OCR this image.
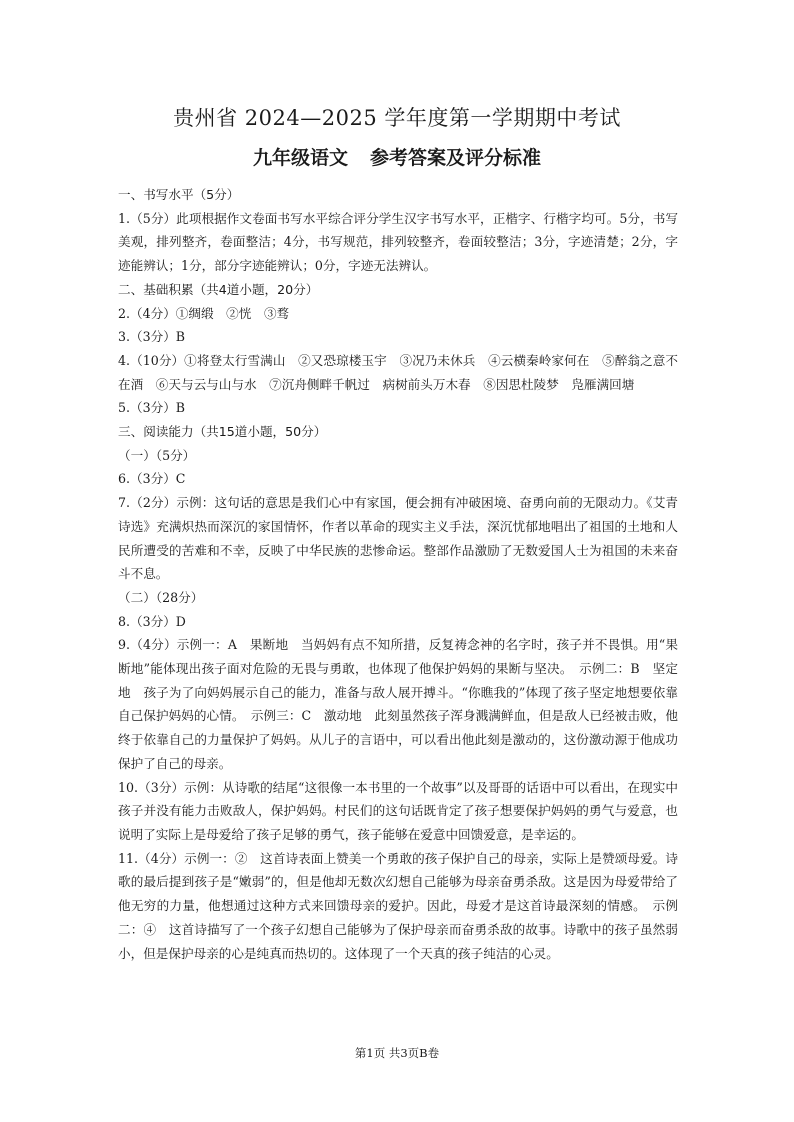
贵州省 2024—2025 学年度第一学期期中考试
九年级语文 参考答案及评分标准

一、书写水平（5分）

1.（5分）此项根据作文卷面书写水平综合评分学生汉字书写水平，正楷字、行楷字均可。5分，书写美观，排列整齐，卷面整洁；4分，书写规范，排列较整齐，卷面较整洁；3分，字迹清楚；2分，字迹能辨认；1分，部分字迹能辨认；0分，字迹无法辨认。

二、基础积累（共4道小题，20分）

2.（4分）①绸缎　②恍　③骛

3.（3分）B

4.（10分）①将登太行雪满山　②又恐琼楼玉宇　③况乃未休兵　④云横秦岭家何在　⑤醉翁之意不在酒　⑥天与云与山与水　⑦沉舟侧畔千帆过　病树前头万木春　⑧因思杜陵梦　凫雁满回塘

5.（3分）B

三、阅读能力（共15道小题，50分）

（一）（5分）

6.（3分）C

7.（2分）示例：这句话的意思是我们心中有家国，便会拥有冲破困境、奋勇向前的无限动力。《艾青诗选》充满炽热而深沉的家国情怀，作者以革命的现实主义手法，深沉忧郁地唱出了祖国的土地和人民所遭受的苦难和不幸，反映了中华民族的悲惨命运。整部作品激励了无数爱国人士为祖国的未来奋斗不息。

（二）（28分）

8.（3分）D

9.（4分）示例一：A　果断地　当妈妈有点不知所措，反复祷念神的名字时，孩子并不畏惧。用“果断地”能体现出孩子面对危险的无畏与勇敢，也体现了他保护妈妈的果断与坚决。　示例二：B　坚定地　孩子为了向妈妈展示自己的能力，准备与敌人展开搏斗。“你瞧我的”体现了孩子坚定地想要依靠自己保护妈妈的心情。　示例三：C　激动地　此刻虽然孩子浑身溅满鲜血，但是敌人已经被击败，他终于依靠自己的力量保护了妈妈。从儿子的言语中，可以看出他此刻是激动的，这份激动源于他成功保护了自己的母亲。

10.（3分）示例：从诗歌的结尾“这很像一本书里的一个故事”以及哥哥的话语中可以看出，在现实中孩子并没有能力击败敌人，保护妈妈。村民们的这句话既肯定了孩子想要保护妈妈的勇气与爱意，也说明了实际上是母爱给了孩子足够的勇气，孩子能够在爱意中回馈爱意，是幸运的。

11.（4分）示例一：②　这首诗表面上赞美一个勇敢的孩子保护自己的母亲，实际上是赞颂母爱。诗歌的最后提到孩子是“嫩弱”的，但是他却无数次幻想自己能够为母亲奋勇杀敌。这是因为母爱带给了他无穷的力量，他想通过这种方式来回馈母亲的爱护。因此，母爱才是这首诗最深刻的情感。　示例二：④　这首诗描写了一个孩子幻想自己能够为了保护母亲而奋勇杀敌的故事。诗歌中的孩子虽然弱小，但是保护母亲的心是纯真而热切的。这体现了一个天真的孩子纯洁的心灵。

第1页 共3页B卷
